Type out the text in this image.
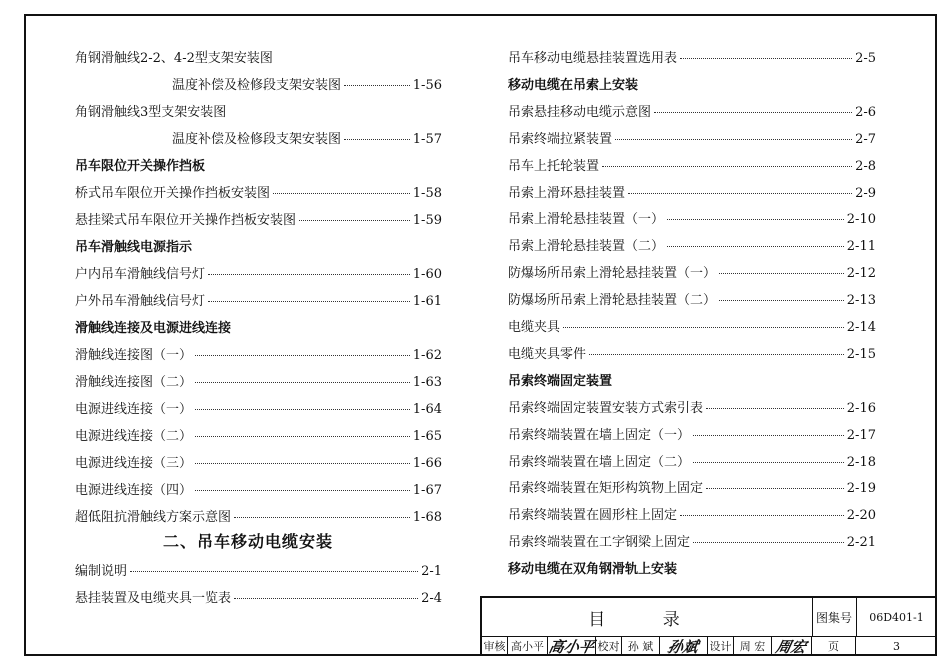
角钢滑触线2-2、4-2型支架安装图
温度补偿及检修段支架安装图	1-56
角钢滑触线3型支架安装图
温度补偿及检修段支架安装图	1-57
吊车限位开关操作挡板
桥式吊车限位开关操作挡板安装图	1-58
悬挂梁式吊车限位开关操作挡板安装图	1-59
吊车滑触线电源指示
户内吊车滑触线信号灯	1-60
户外吊车滑触线信号灯	1-61
滑触线连接及电源进线连接
滑触线连接图（一）	1-62
滑触线连接图（二）	1-63
电源进线连接（一）	1-64
电源进线连接（二）	1-65
电源进线连接（三）	1-66
电源进线连接（四）	1-67
超低阻抗滑触线方案示意图	1-68
二、吊车移动电缆安装
编制说明	2-1
悬挂装置及电缆夹具一览表	2-4
吊车移动电缆悬挂装置选用表	2-5
移动电缆在吊索上安装
吊索悬挂移动电缆示意图	2-6
吊索终端拉紧装置	2-7
吊车上托轮装置	2-8
吊索上滑环悬挂装置	2-9
吊索上滑轮悬挂装置（一）	2-10
吊索上滑轮悬挂装置（二）	2-11
防爆场所吊索上滑轮悬挂装置（一）	2-12
防爆场所吊索上滑轮悬挂装置（二）	2-13
电缆夹具	2-14
电缆夹具零件	2-15
吊索终端固定装置
吊索终端固定装置安装方式索引表	2-16
吊索终端装置在墙上固定（一）	2-17
吊索终端装置在墙上固定（二）	2-18
吊索终端装置在矩形构筑物上固定	2-19
吊索终端装置在圆形柱上固定	2-20
吊索终端装置在工字钢梁上固定	2-21
移动电缆在双角钢滑轨上安装
目 录	图集号	06D401-1
审核 高小平 高小平 校对 孙 斌 孙斌 设计 周 宏 周宏	页	3
